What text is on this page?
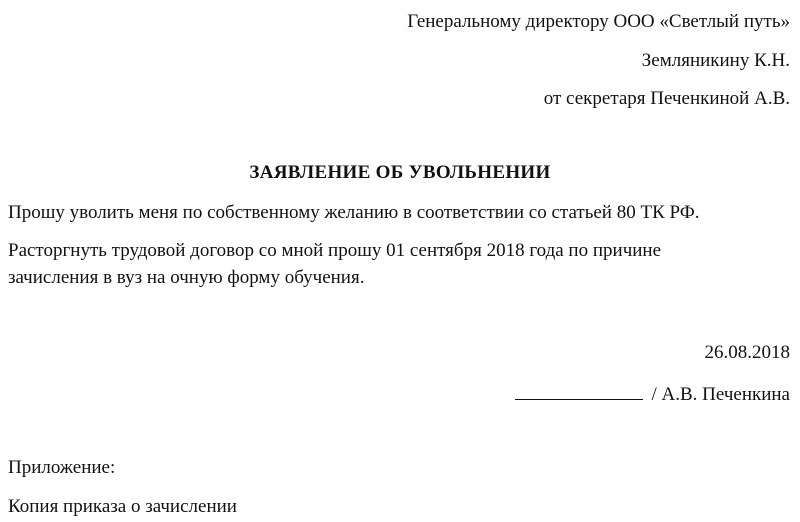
Генеральному директору ООО «Светлый путь»
Земляникину К.Н.
от секретаря Печенкиной А.В.
ЗАЯВЛЕНИЕ ОБ УВОЛЬНЕНИИ
Прошу уволить меня по собственному желанию в соответствии со статьей 80 ТК РФ.
Расторгнуть трудовой договор со мной прошу 01 сентября 2018 года по причине
зачисления в вуз на очную форму обучения.
26.08.2018
/ А.В. Печенкина
Приложение:
Копия приказа о зачислении
